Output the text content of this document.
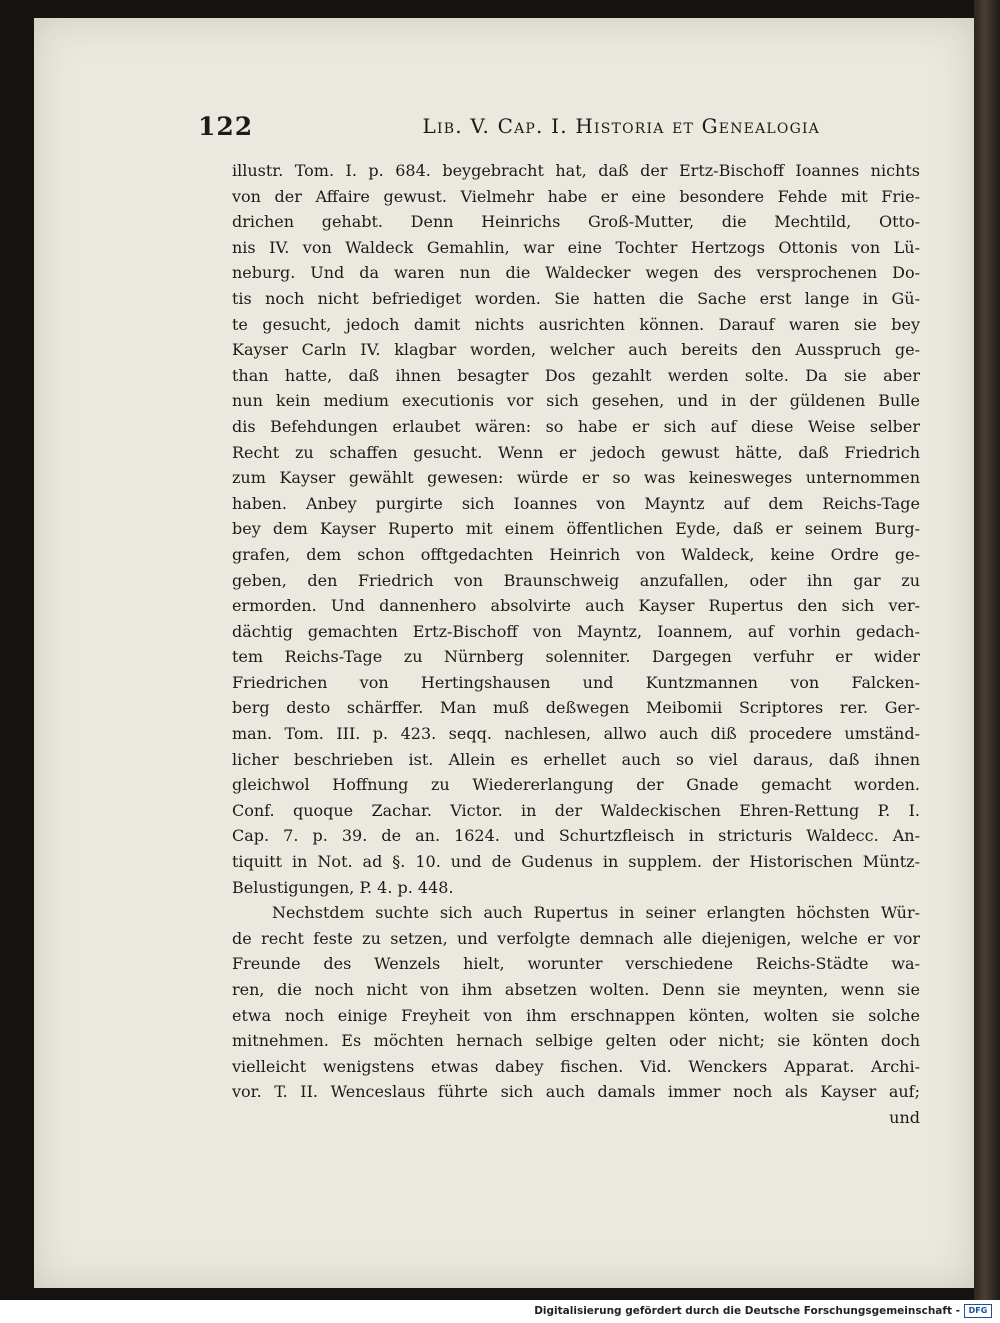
122	Lib. V. Cap. I. Historia et Genealogia
illustr. Tom. I. p. 684. beygebracht hat, daß der Ertz-Bischoff Ioannes nichts
von der Affaire gewust. Vielmehr habe er eine besondere Fehde mit Frie-
drichen gehabt. Denn Heinrichs Groß-Mutter, die Mechtild, Otto-
nis IV. von Waldeck Gemahlin, war eine Tochter Hertzogs Ottonis von Lü-
neburg. Und da waren nun die Waldecker wegen des versprochenen Do-
tis noch nicht befriediget worden. Sie hatten die Sache erst lange in Gü-
te gesucht, jedoch damit nichts ausrichten können. Darauf waren sie bey
Kayser Carln IV. klagbar worden, welcher auch bereits den Ausspruch ge-
than hatte, daß ihnen besagter Dos gezahlt werden solte. Da sie aber
nun kein medium executionis vor sich gesehen, und in der güldenen Bulle
dis Befehdungen erlaubet wären: so habe er sich auf diese Weise selber
Recht zu schaffen gesucht. Wenn er jedoch gewust hätte, daß Friedrich
zum Kayser gewählt gewesen: würde er so was keinesweges unternommen
haben. Anbey purgirte sich Ioannes von Mayntz auf dem Reichs-Tage
bey dem Kayser Ruperto mit einem öffentlichen Eyde, daß er seinem Burg-
grafen, dem schon offtgedachten Heinrich von Waldeck, keine Ordre ge-
geben, den Friedrich von Braunschweig anzufallen, oder ihn gar zu
ermorden. Und dannenhero absolvirte auch Kayser Rupertus den sich ver-
dächtig gemachten Ertz-Bischoff von Mayntz, Ioannem, auf vorhin gedach-
tem Reichs-Tage zu Nürnberg solenniter. Dargegen verfuhr er wider
Friedrichen von Hertingshausen und Kuntzmannen von Falcken-
berg desto schärffer. Man muß deßwegen Meibomii Scriptores rer. Ger-
man. Tom. III. p. 423. seqq. nachlesen, allwo auch diß procedere umständ-
licher beschrieben ist. Allein es erhellet auch so viel daraus, daß ihnen
gleichwol Hoffnung zu Wiedererlangung der Gnade gemacht worden.
Conf. quoque Zachar. Victor. in der Waldeckischen Ehren-Rettung P. I.
Cap. 7. p. 39. de an. 1624. und Schurtzfleisch in stricturis Waldecc. An-
tiquitt in Not. ad §. 10. und de Gudenus in supplem. der Historischen Müntz-
Belustigungen, P. 4. p. 448.
Nechstdem suchte sich auch Rupertus in seiner erlangten höchsten Wür-
de recht feste zu setzen, und verfolgte demnach alle diejenigen, welche er vor
Freunde des Wenzels hielt, worunter verschiedene Reichs-Städte wa-
ren, die noch nicht von ihm absetzen wolten. Denn sie meynten, wenn sie
etwa noch einige Freyheit von ihm erschnappen könten, wolten sie solche
mitnehmen. Es möchten hernach selbige gelten oder nicht; sie könten doch
vielleicht wenigstens etwas dabey fischen. Vid. Wenckers Apparat. Archi-
vor. T. II. Wenceslaus führte sich auch damals immer noch als Kayser auf;
und
Digitalisierung gefördert durch die Deutsche Forschungsgemeinschaft -	DFG
